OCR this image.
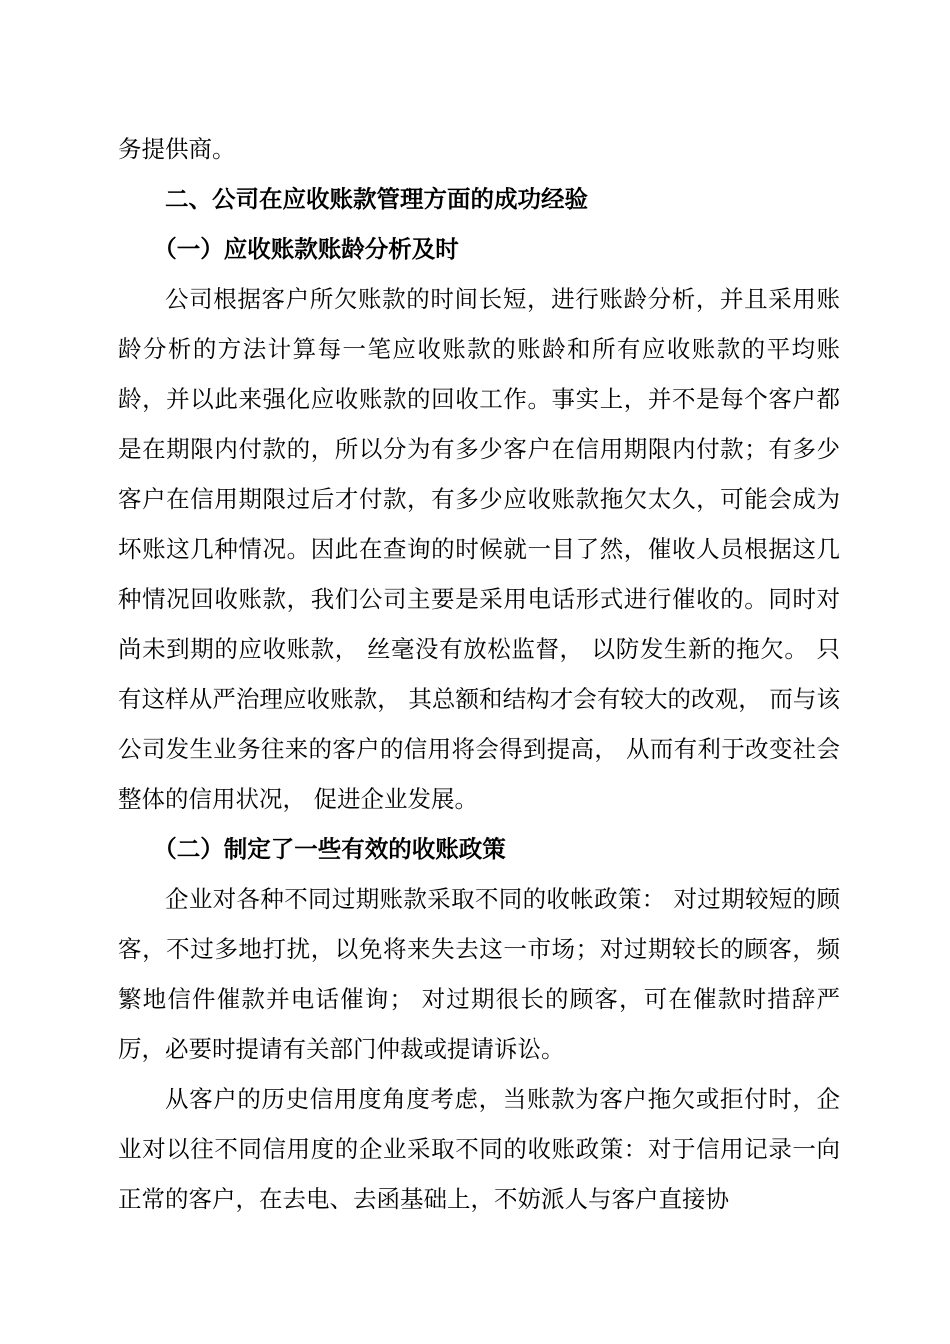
务提供商。

二、公司在应收账款管理方面的成功经验

（一）应收账款账龄分析及时

公司根据客户所欠账款的时间长短，进行账龄分析，并且采用账龄分析的方法计算每一笔应收账款的账龄和所有应收账款的平均账龄，并以此来强化应收账款的回收工作。事实上，并不是每个客户都是在期限内付款的，所以分为有多少客户在信用期限内付款；有多少客户在信用期限过后才付款，有多少应收账款拖欠太久，可能会成为坏账这几种情况。因此在查询的时候就一目了然，催收人员根据这几种情况回收账款，我们公司主要是采用电话形式进行催收的。同时对尚未到期的应收账款， 丝毫没有放松监督， 以防发生新的拖欠。 只有这样从严治理应收账款， 其总额和结构才会有较大的改观， 而与该公司发生业务往来的客户的信用将会得到提高， 从而有利于改变社会整体的信用状况， 促进企业发展。

（二）制定了一些有效的收账政策

企业对各种不同过期账款采取不同的收帐政策： 对过期较短的顾客，不过多地打扰，以免将来失去这一市场；对过期较长的顾客，频繁地信件催款并电话催询； 对过期很长的顾客，可在催款时措辞严厉，必要时提请有关部门仲裁或提请诉讼。

从客户的历史信用度角度考虑，当账款为客户拖欠或拒付时，企业对以往不同信用度的企业采取不同的收账政策：对于信用记录一向正常的客户，在去电、去函基础上，不妨派人与客户直接协
